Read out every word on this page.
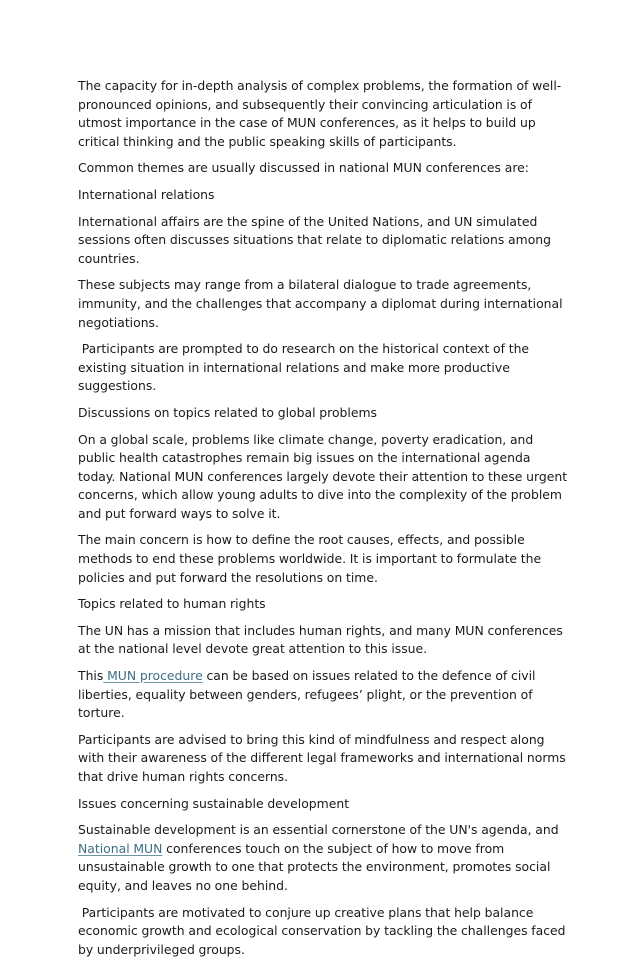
The capacity for in-depth analysis of complex problems, the formation of well-pronounced opinions, and subsequently their convincing articulation is of utmost importance in the case of MUN conferences, as it helps to build up critical thinking and the public speaking skills of participants.

Common themes are usually discussed in national MUN conferences are:

International relations

International affairs are the spine of the United Nations, and UN simulated sessions often discusses situations that relate to diplomatic relations among countries.

These subjects may range from a bilateral dialogue to trade agreements, immunity, and the challenges that accompany a diplomat during international negotiations.

Participants are prompted to do research on the historical context of the existing situation in international relations and make more productive suggestions.

Discussions on topics related to global problems

On a global scale, problems like climate change, poverty eradication, and public health catastrophes remain big issues on the international agenda today. National MUN conferences largely devote their attention to these urgent concerns, which allow young adults to dive into the complexity of the problem and put forward ways to solve it.

The main concern is how to define the root causes, effects, and possible methods to end these problems worldwide. It is important to formulate the policies and put forward the resolutions on time.

Topics related to human rights

The UN has a mission that includes human rights, and many MUN conferences at the national level devote great attention to this issue.

This MUN procedure can be based on issues related to the defence of civil liberties, equality between genders, refugees’ plight, or the prevention of torture.

Participants are advised to bring this kind of mindfulness and respect along with their awareness of the different legal frameworks and international norms that drive human rights concerns.

Issues concerning sustainable development

Sustainable development is an essential cornerstone of the UN's agenda, and National MUN conferences touch on the subject of how to move from unsustainable growth to one that protects the environment, promotes social equity, and leaves no one behind.

Participants are motivated to conjure up creative plans that help balance economic growth and ecological conservation by tackling the challenges faced by underprivileged groups.
